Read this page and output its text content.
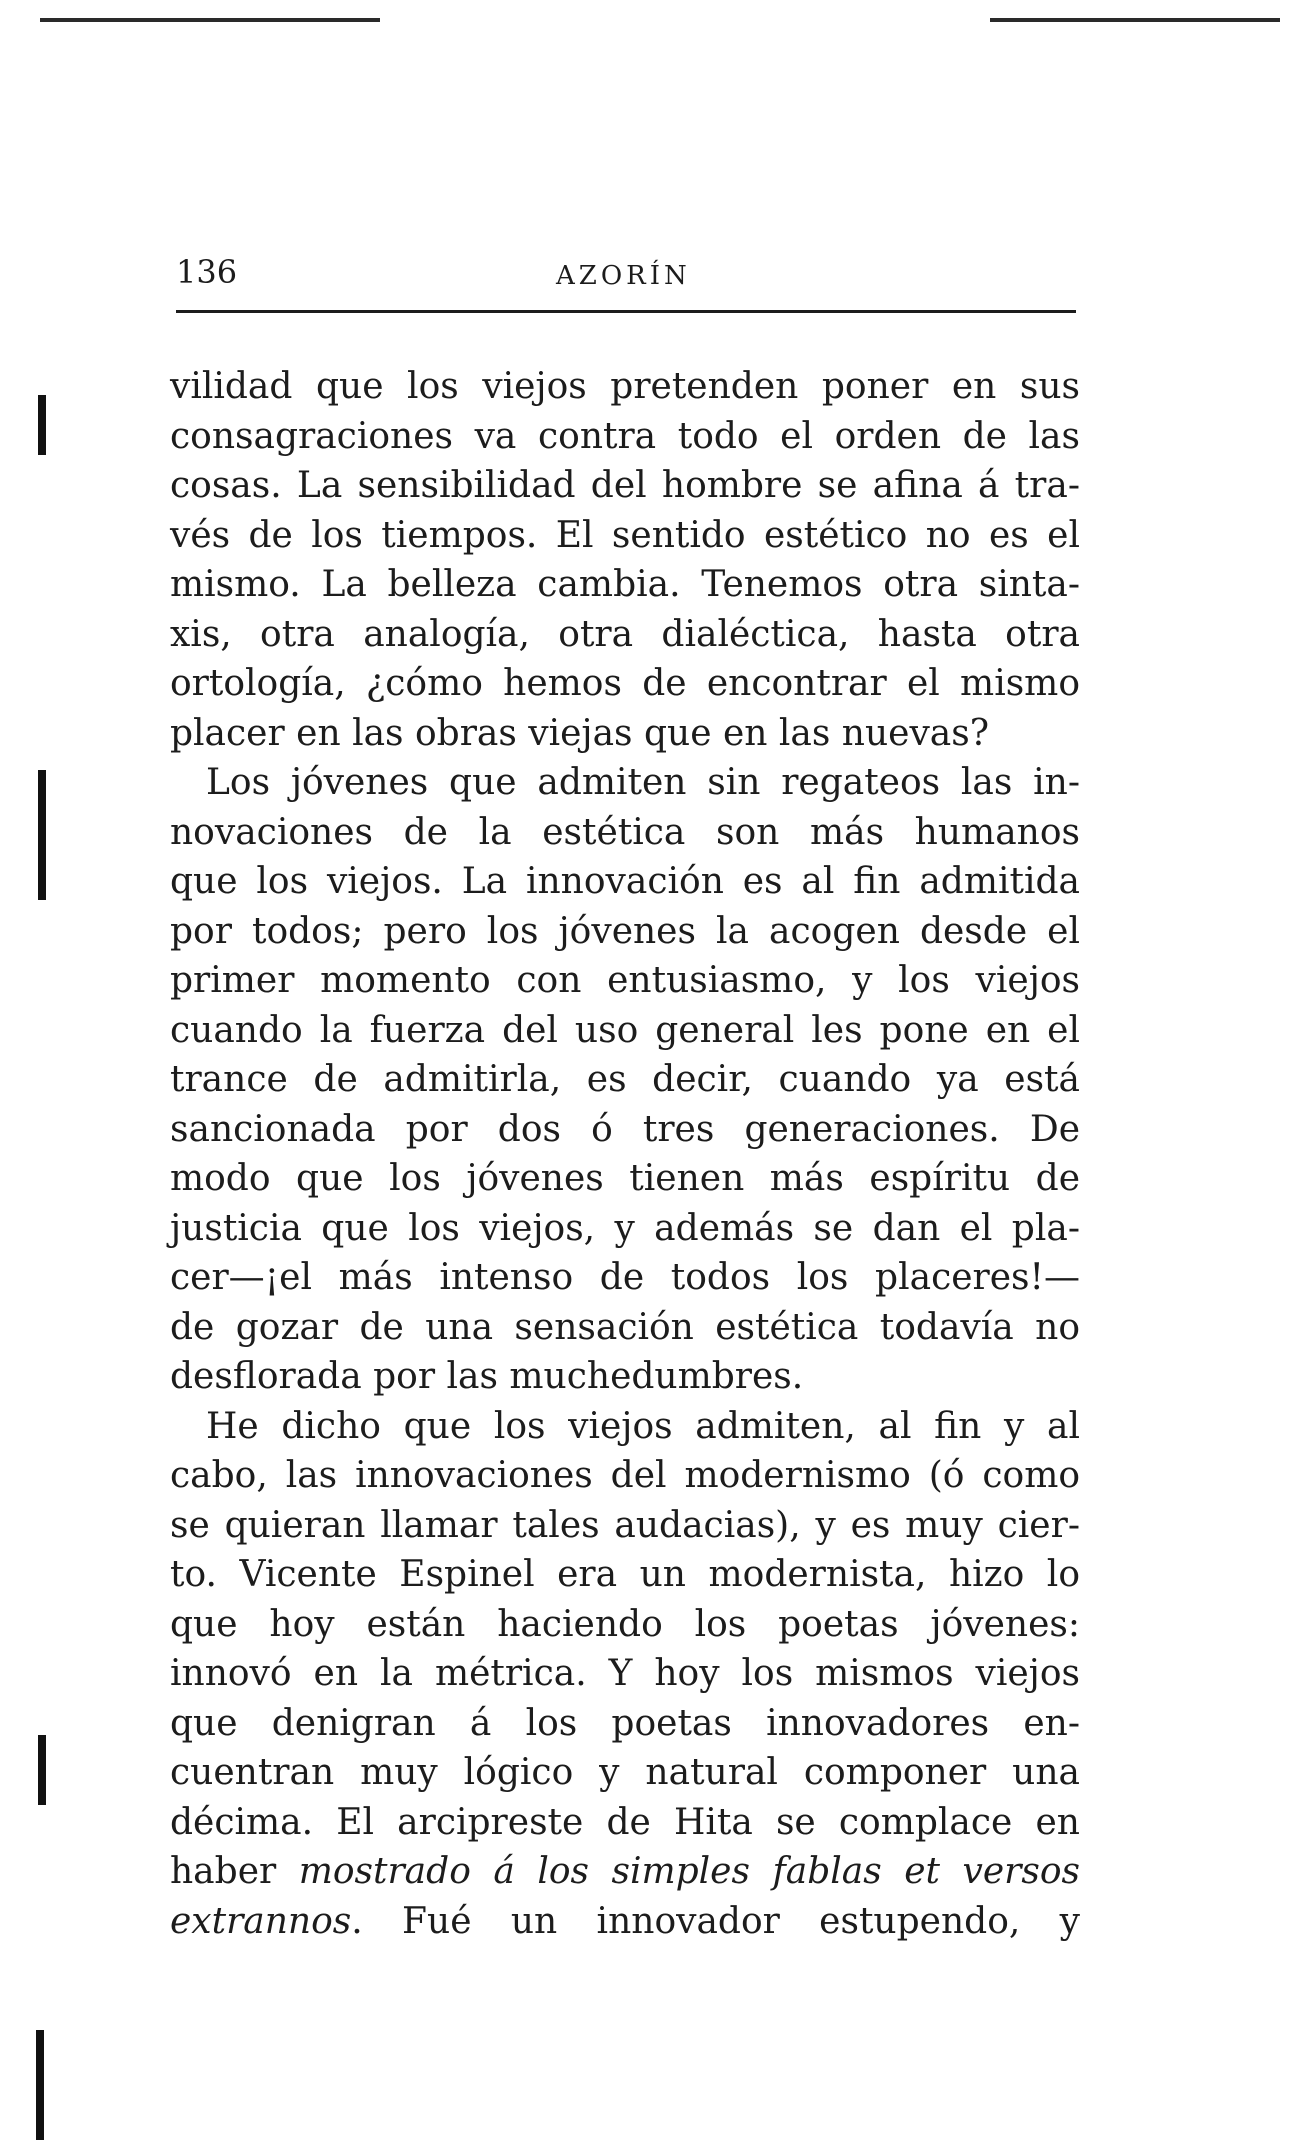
136	AZORÍN
vilidad que los viejos pretenden poner en sus
consagraciones va contra todo el orden de las
cosas. La sensibilidad del hombre se afina á tra-
vés de los tiempos. El sentido estético no es el
mismo. La belleza cambia. Tenemos otra sinta-
xis, otra analogía, otra dialéctica, hasta otra
ortología, ¿cómo hemos de encontrar el mismo
placer en las obras viejas que en las nuevas?
Los jóvenes que admiten sin regateos las in-
novaciones de la estética son más humanos
que los viejos. La innovación es al fin admitida
por todos; pero los jóvenes la acogen desde el
primer momento con entusiasmo, y los viejos
cuando la fuerza del uso general les pone en el
trance de admitirla, es decir, cuando ya está
sancionada por dos ó tres generaciones. De
modo que los jóvenes tienen más espíritu de
justicia que los viejos, y además se dan el pla-
cer—¡el más intenso de todos los placeres!—
de gozar de una sensación estética todavía no
desflorada por las muchedumbres.
He dicho que los viejos admiten, al fin y al
cabo, las innovaciones del modernismo (ó como
se quieran llamar tales audacias), y es muy cier-
to. Vicente Espinel era un modernista, hizo lo
que hoy están haciendo los poetas jóvenes:
innovó en la métrica. Y hoy los mismos viejos
que denigran á los poetas innovadores en-
cuentran muy lógico y natural componer una
décima. El arcipreste de Hita se complace en
haber mostrado á los simples fablas et versos
extrannos. Fué un innovador estupendo, y
